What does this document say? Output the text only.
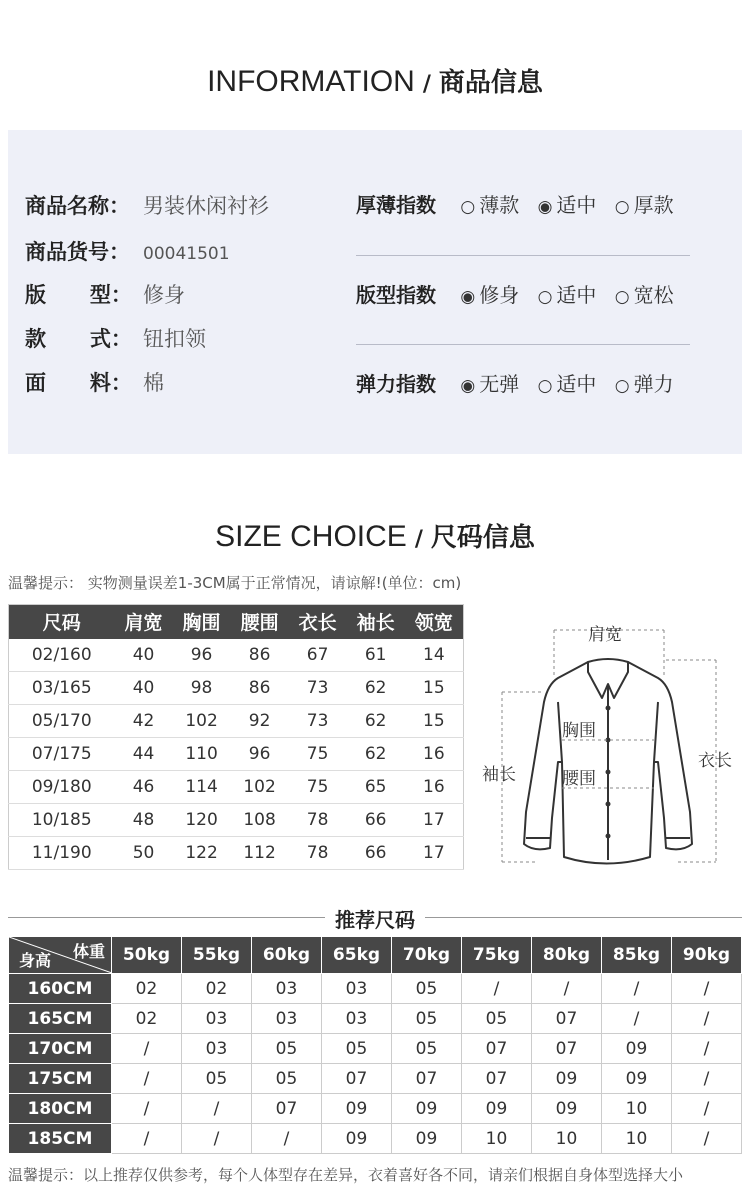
INFORMATION / 商品信息
商品名称： 男装休闲衬衫
商品货号： 00041501
版      型： 修身
款      式： 钮扣领
面      料： 棉
厚薄指数 ○ 薄款 ◉ 适中 ○ 厚款
版型指数 ◉ 修身 ○ 适中 ○ 宽松
弹力指数 ◉ 无弹 ○ 适中 ○ 弹力
SIZE CHOICE / 尺码信息
温馨提示： 实物测量误差1-3CM属于正常情况，请谅解!(单位：cm)
尺码	肩宽	胸围	腰围	衣长	袖长	领宽
02/160	40	96	86	67	61	14
03/165	40	98	86	73	62	15
05/170	42	102	92	73	62	15
07/175	44	110	96	75	62	16
09/180	46	114	102	75	65	16
10/185	48	120	108	78	66	17
11/190	50	122	112	78	66	17
肩宽
胸围
腰围
袖长
衣长
推荐尺码
体重
身高	50kg	55kg	60kg	65kg	70kg	75kg	80kg	85kg	90kg
160CM	02	02	03	03	05	/	/	/	/
165CM	02	03	03	03	05	05	07	/	/
170CM	/	03	05	05	05	07	07	09	/
175CM	/	05	05	07	07	07	09	09	/
180CM	/	/	07	09	09	09	09	10	/
185CM	/	/	/	09	09	10	10	10	/
温馨提示：以上推荐仅供参考，每个人体型存在差异，衣着喜好各不同，请亲们根据自身体型选择大小
